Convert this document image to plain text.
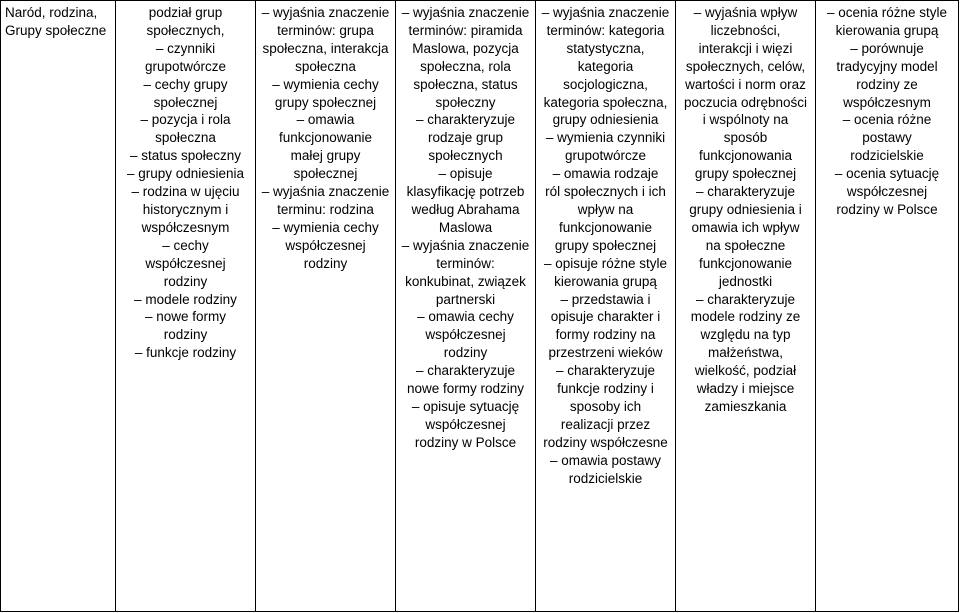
Naród, rodzina,
Grupy społeczne

podział grup
społecznych,
– czynniki
grupotwórcze
– cechy grupy
społecznej
– pozycja i rola
społeczna
– status społeczny
– grupy odniesienia
– rodzina w ujęciu
historycznym i
współczesnym
– cechy
współczesnej
rodziny
– modele rodziny
– nowe formy
rodziny
– funkcje rodziny

– wyjaśnia znaczenie
terminów: grupa
społeczna, interakcja
społeczna
– wymienia cechy
grupy społecznej
– omawia
funkcjonowanie
małej grupy
społecznej
– wyjaśnia znaczenie
terminu: rodzina
– wymienia cechy
współczesnej
rodziny

– wyjaśnia znaczenie
terminów: piramida
Maslowa, pozycja
społeczna, rola
społeczna, status
społeczny
– charakteryzuje
rodzaje grup
społecznych
– opisuje
klasyfikację potrzeb
według Abrahama
Maslowa
– wyjaśnia znaczenie
terminów:
konkubinat, związek
partnerski
– omawia cechy
współczesnej
rodziny
– charakteryzuje
nowe formy rodziny
– opisuje sytuację
współczesnej
rodziny w Polsce

– wyjaśnia znaczenie
terminów: kategoria
statystyczna,
kategoria
socjologiczna,
kategoria społeczna,
grupy odniesienia
– wymienia czynniki
grupotwórcze
– omawia rodzaje
ról społecznych i ich
wpływ na
funkcjonowanie
grupy społecznej
– opisuje różne style
kierowania grupą
– przedstawia i
opisuje charakter i
formy rodziny na
przestrzeni wieków
– charakteryzuje
funkcje rodziny i
sposoby ich
realizacji przez
rodziny współczesne
– omawia postawy
rodzicielskie

– wyjaśnia wpływ
liczebności,
interakcji i więzi
społecznych, celów,
wartości i norm oraz
poczucia odrębności
i wspólnoty na
sposób
funkcjonowania
grupy społecznej
– charakteryzuje
grupy odniesienia i
omawia ich wpływ
na społeczne
funkcjonowanie
jednostki
– charakteryzuje
modele rodziny ze
względu na typ
małżeństwa,
wielkość, podział
władzy i miejsce
zamieszkania

– ocenia różne style
kierowania grupą
– porównuje
tradycyjny model
rodziny ze
współczesnym
– ocenia różne
postawy
rodzicielskie
– ocenia sytuację
współczesnej
rodziny w Polsce
